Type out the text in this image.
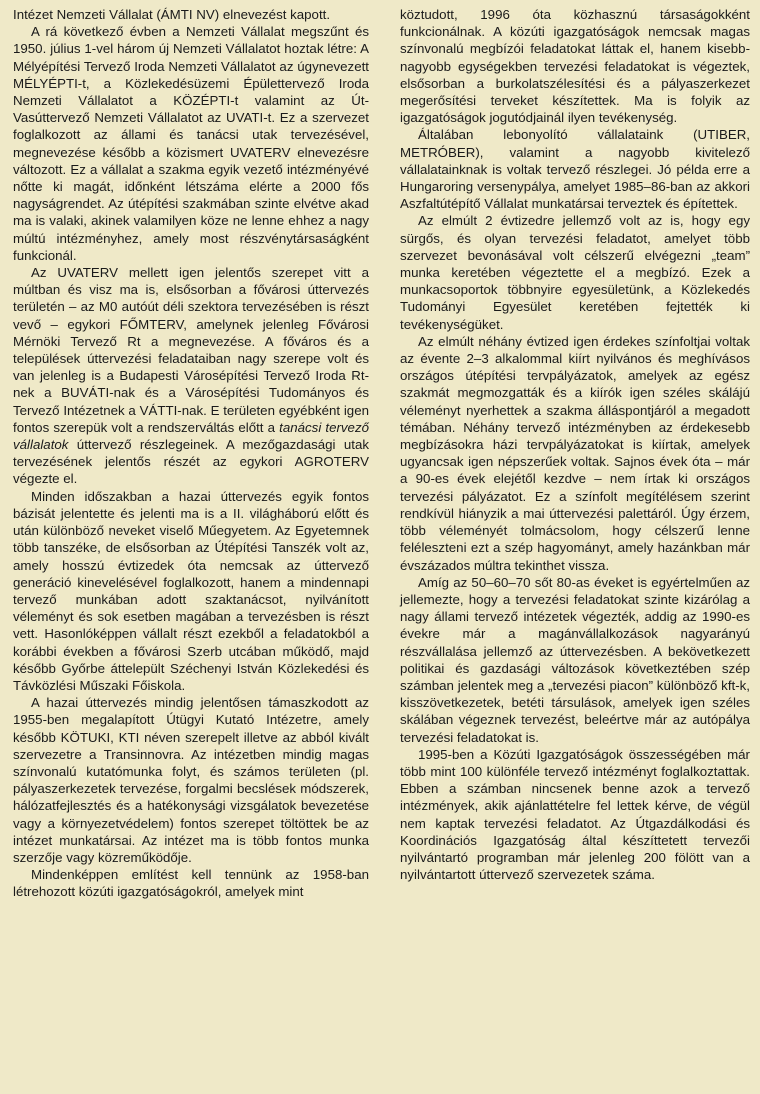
Intézet Nemzeti Vállalat (ÁMTI NV) elnevezést kapott.

A rá következő évben a Nemzeti Vállalat megszűnt és 1950. július 1-vel három új Nemzeti Vállalatot hoztak létre: A Mélyépítési Tervező Iroda Nemzeti Vállalatot az úgynevezett MÉLYÉPTI-t, a Közlekedésüzemi Épülettervező Iroda Nemzeti Vállalatot a KÖZÉPTI-t valamint az Út- Vasúttervező Nemzeti Vállalatot az UVATI-t. Ez a szervezet foglalkozott az állami és tanácsi utak tervezésével, megnevezése később a közismert UVATERV elnevezésre változott. Ez a vállalat a szakma egyik vezető intézményévé nőtte ki magát, időnként létszáma elérte a 2000 fős nagyságrendet. Az útépítési szakmában szinte elvétve akad ma is valaki, akinek valamilyen köze ne lenne ehhez a nagy múltú intézményhez, amely most részvénytársaságként funkcionál.

Az UVATERV mellett igen jelentős szerepet vitt a múltban és visz ma is, elsősorban a fővárosi úttervezés területén – az M0 autóút déli szektora tervezésében is részt vevő – egykori FŐMTERV, amelynek jelenleg Fővárosi Mérnöki Tervező Rt a megnevezése. A főváros és a települések úttervezési feladataiban nagy szerepe volt és van jelenleg is a Budapesti Városépítési Tervező Iroda Rt-nek a BUVÁTI-nak és a Városépítési Tudományos és Tervező Intézetnek a VÁTTI-nak. E területen egyébként igen fontos szerepük volt a rendszerváltás előtt a tanácsi tervező vállalatok úttervező részlegeinek. A mezőgazdasági utak tervezésének jelentős részét az egykori AGROTERV végezte el.

Minden időszakban a hazai úttervezés egyik fontos bázisát jelentette és jelenti ma is a II. világháború előtt és után különböző neveket viselő Műegyetem. Az Egyetemnek több tanszéke, de elsősorban az Útépítési Tanszék volt az, amely hosszú évtizedek óta nemcsak az úttervező generáció kinevelésével foglalkozott, hanem a mindennapi tervező munkában adott szaktanácsot, nyilvánított véleményt és sok esetben magában a tervezésben is részt vett. Hasonlóképpen vállalt részt ezekből a feladatokból a korábbi években a fővárosi Szerb utcában működő, majd később Győrbe áttelepült Széchenyi István Közlekedési és Távközlési Műszaki Főiskola.

A hazai úttervezés mindig jelentősen támaszkodott az 1955-ben megalapított Útügyi Kutató Intézetre, amely később KÖTUKI, KTI néven szerepelt illetve az abból kivált szervezetre a Transinnovra. Az intézetben mindig magas színvonalú kutatómunka folyt, és számos területen (pl. pályaszerkezetek tervezése, forgalmi becslések módszerek, hálózatfejlesztés és a hatékonysági vizsgálatok bevezetése vagy a környezetvédelem) fontos szerepet töltöttek be az intézet munkatársai. Az intézet ma is több fontos munka szerzője vagy közreműködője.

Mindenképpen említést kell tennünk az 1958-ban létrehozott közúti igazgatóságokról, amelyek mint

köztudott, 1996 óta közhasznú társaságokként funkcionálnak. A közúti igazgatóságok nemcsak magas színvonalú megbízói feladatokat láttak el, hanem kisebb-nagyobb egységekben tervezési feladatokat is végeztek, elsősorban a burkolatszélesítési és a pályaszerkezet megerősítési terveket készítettek. Ma is folyik az igazgatóságok jogutódjainál ilyen tevékenység.

Általában lebonyolító vállalataink (UTIBER, METRÓBER), valamint a nagyobb kivitelező vállalatainknak is voltak tervező részlegei. Jó példa erre a Hungaroring versenypálya, amelyet 1985–86-ban az akkori Aszfaltútépítő Vállalat munkatársai terveztek és építettek.

Az elmúlt 2 évtizedre jellemző volt az is, hogy egy sürgős, és olyan tervezési feladatot, amelyet több szervezet bevonásával volt célszerű elvégezni „team” munka keretében végeztette el a megbízó. Ezek a munkacsoportok többnyire egyesületünk, a Közlekedés Tudományi Egyesület keretében fejtették ki tevékenységüket.

Az elmúlt néhány évtized igen érdekes színfoltjai voltak az évente 2–3 alkalommal kiírt nyilvános és meghívásos országos útépítési tervpályázatok, amelyek az egész szakmát megmozgatták és a kiírók igen széles skálájú véleményt nyerhettek a szakma álláspontjáról a megadott témában. Néhány tervező intézményben az érdekesebb megbízásokra házi tervpályázatokat is kiírtak, amelyek ugyancsak igen népszerűek voltak. Sajnos évek óta – már a 90-es évek elejétől kezdve – nem írtak ki országos tervezési pályázatot. Ez a színfolt megítélésem szerint rendkívül hiányzik a mai úttervezési palettáról. Úgy érzem, több véleményét tolmácsolom, hogy célszerű lenne feléleszteni ezt a szép hagyományt, amely hazánkban már évszázados múltra tekinthet vissza.

Amíg az 50–60–70 sőt 80-as éveket is egyértelműen az jellemezte, hogy a tervezési feladatokat szinte kizárólag a nagy állami tervező intézetek végezték, addig az 1990-es évekre már a magánvállalkozások nagyarányú részvállalása jellemző az úttervezésben. A bekövetkezett politikai és gazdasági változások következtében szép számban jelentek meg a „tervezési piacon” különböző kft-k, kisszövetkezetek, betéti társulások, amelyek igen széles skálában végeznek tervezést, beleértve már az autópálya tervezési feladatokat is.

1995-ben a Közúti Igazgatóságok összességében már több mint 100 különféle tervező intézményt foglalkoztattak. Ebben a számban nincsenek benne azok a tervező intézmények, akik ajánlattételre fel lettek kérve, de végül nem kaptak tervezési feladatot. Az Útgazdálkodási és Koordinációs Igazgatóság által készíttetett tervezői nyilvántartó programban már jelenleg 200 fölött van a nyilvántartott úttervező szervezetek száma.
